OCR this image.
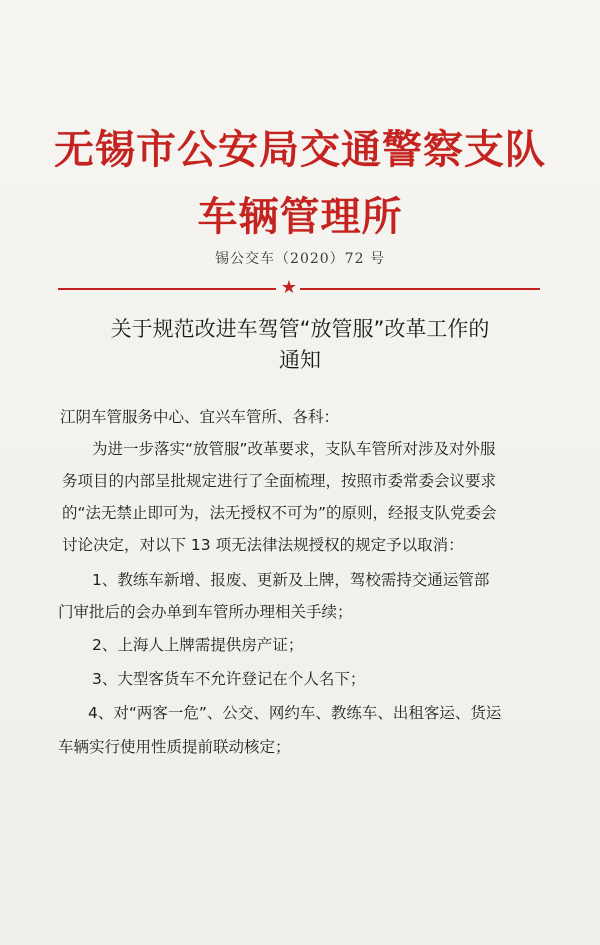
无锡市公安局交通警察支队
车辆管理所
锡公交车（2020）72 号
★
关于规范改进车驾管“放管服”改革工作的
通知
江阴车管服务中心、宜兴车管所、各科：
为进一步落实“放管服”改革要求，支队车管所对涉及对外服
务项目的内部呈批规定进行了全面梳理，按照市委常委会议要求
的“法无禁止即可为，法无授权不可为”的原则，经报支队党委会
讨论决定，对以下 13 项无法律法规授权的规定予以取消：
1、教练车新增、报废、更新及上牌，驾校需持交通运管部
门审批后的会办单到车管所办理相关手续；
2、上海人上牌需提供房产证；
3、大型客货车不允许登记在个人名下；
4、对“两客一危”、公交、网约车、教练车、出租客运、货运
车辆实行使用性质提前联动核定；
